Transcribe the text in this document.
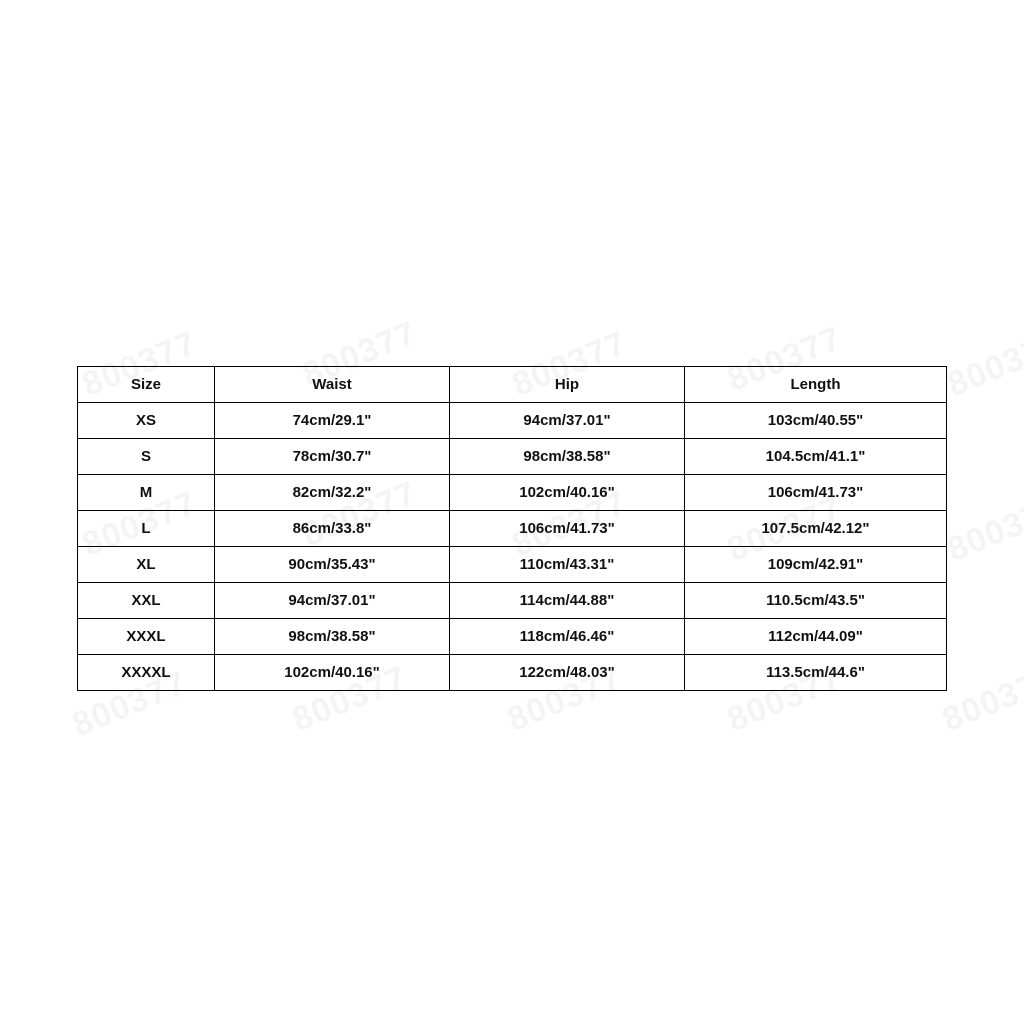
Size	Waist	Hip	Length
XS	74cm/29.1"	94cm/37.01"	103cm/40.55"
S	78cm/30.7"	98cm/38.58"	104.5cm/41.1"
M	82cm/32.2"	102cm/40.16"	106cm/41.73"
L	86cm/33.8"	106cm/41.73"	107.5cm/42.12"
XL	90cm/35.43"	110cm/43.31"	109cm/42.91"
XXL	94cm/37.01"	114cm/44.88"	110.5cm/43.5"
XXXL	98cm/38.58"	118cm/46.46"	112cm/44.09"
XXXXL	102cm/40.16"	122cm/48.03"	113.5cm/44.6"
